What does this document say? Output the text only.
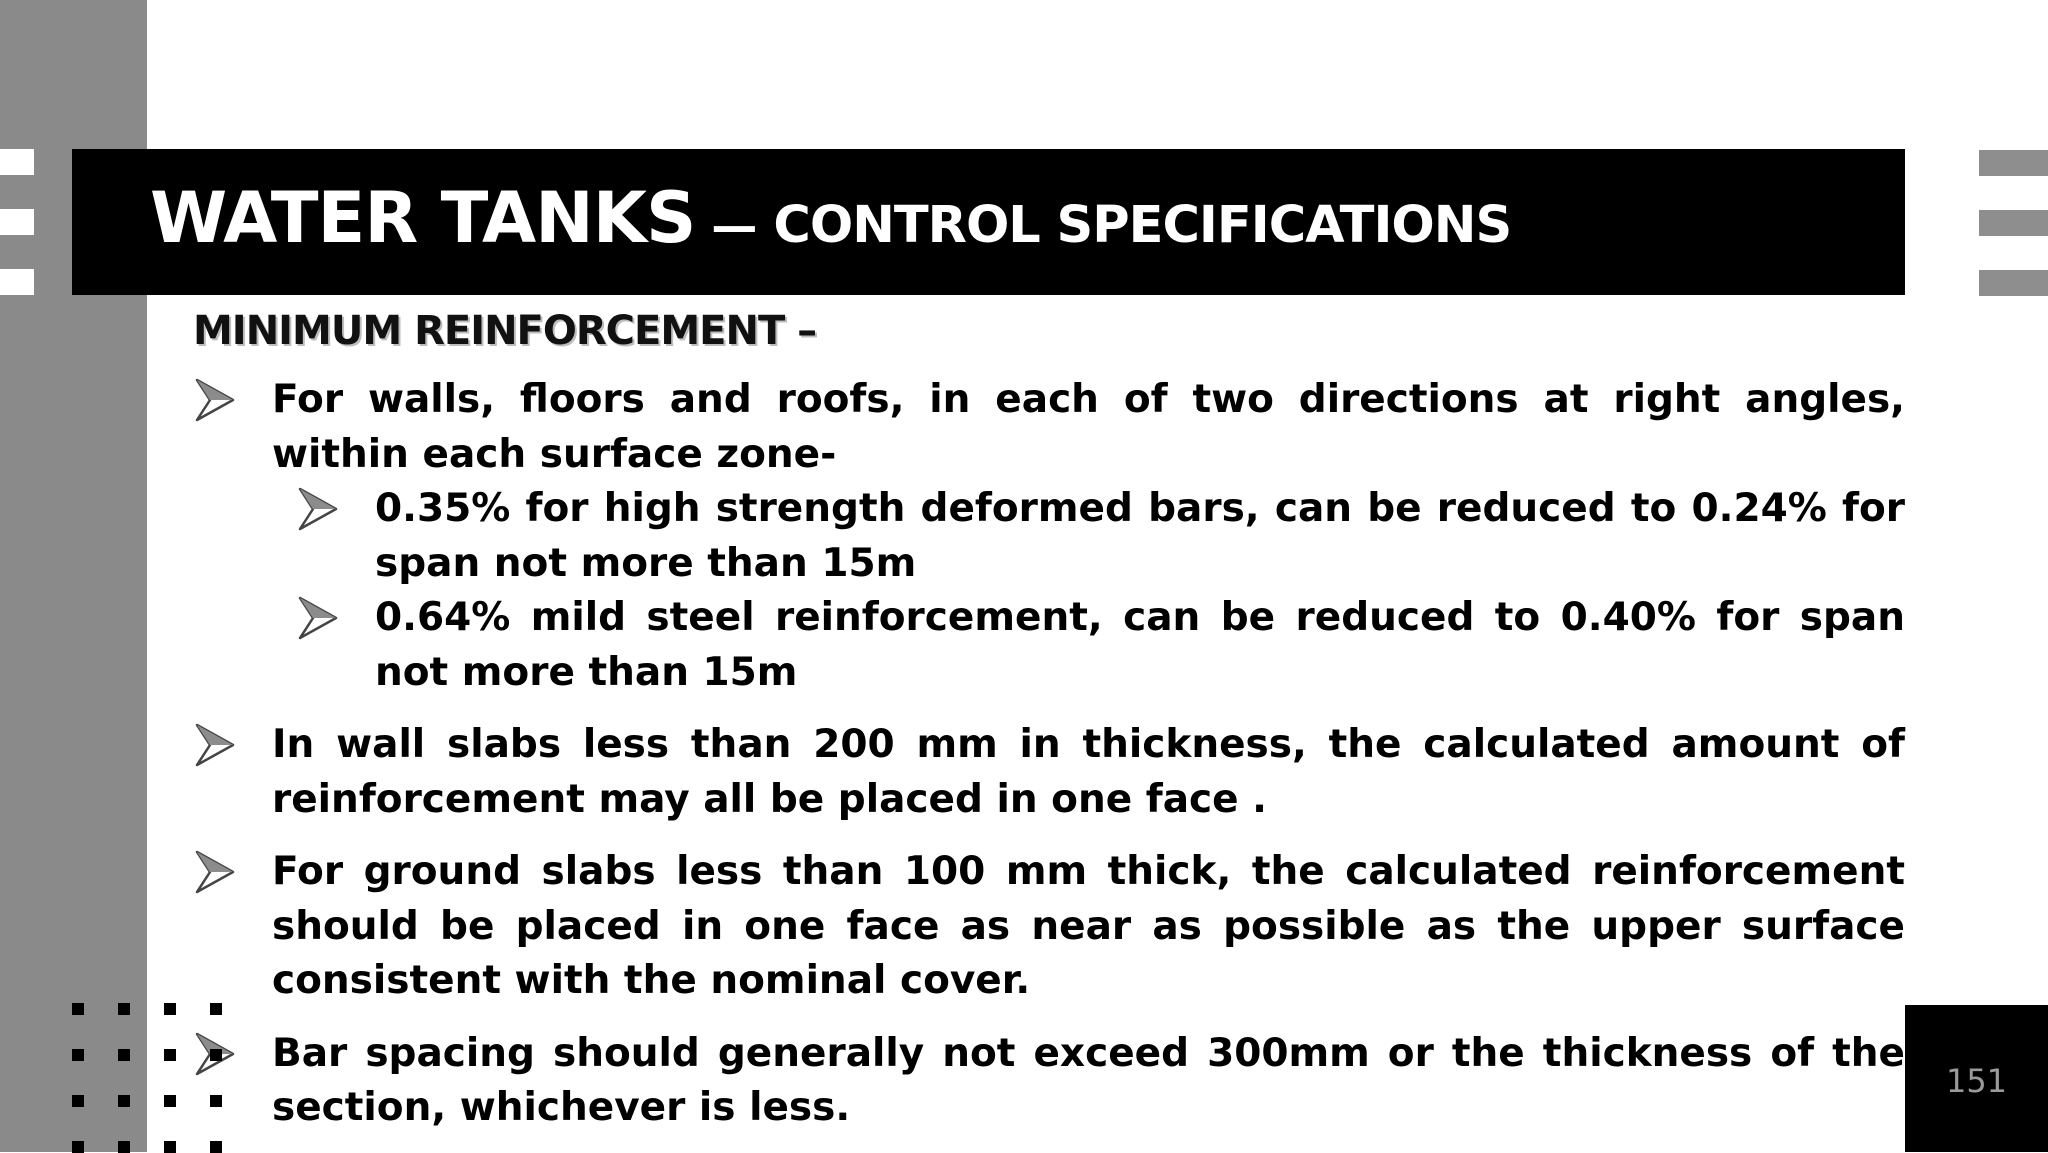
WATER TANKS — CONTROL SPECIFICATIONS
MINIMUM REINFORCEMENT –
For walls, floors and roofs, in each of two directions at right angles, within each surface zone-
0.35% for high strength deformed bars, can be reduced to 0.24% for span not more than 15m
0.64% mild steel reinforcement, can be reduced to 0.40% for span not more than 15m
In wall slabs less than 200 mm in thickness, the calculated amount of reinforcement may all be placed in one face .
For ground slabs less than 100 mm thick, the calculated reinforcement should be placed in one face as near as possible as the upper surface consistent with the nominal cover.
Bar spacing should generally not exceed 300mm or the thickness of the section, whichever is less.
151
